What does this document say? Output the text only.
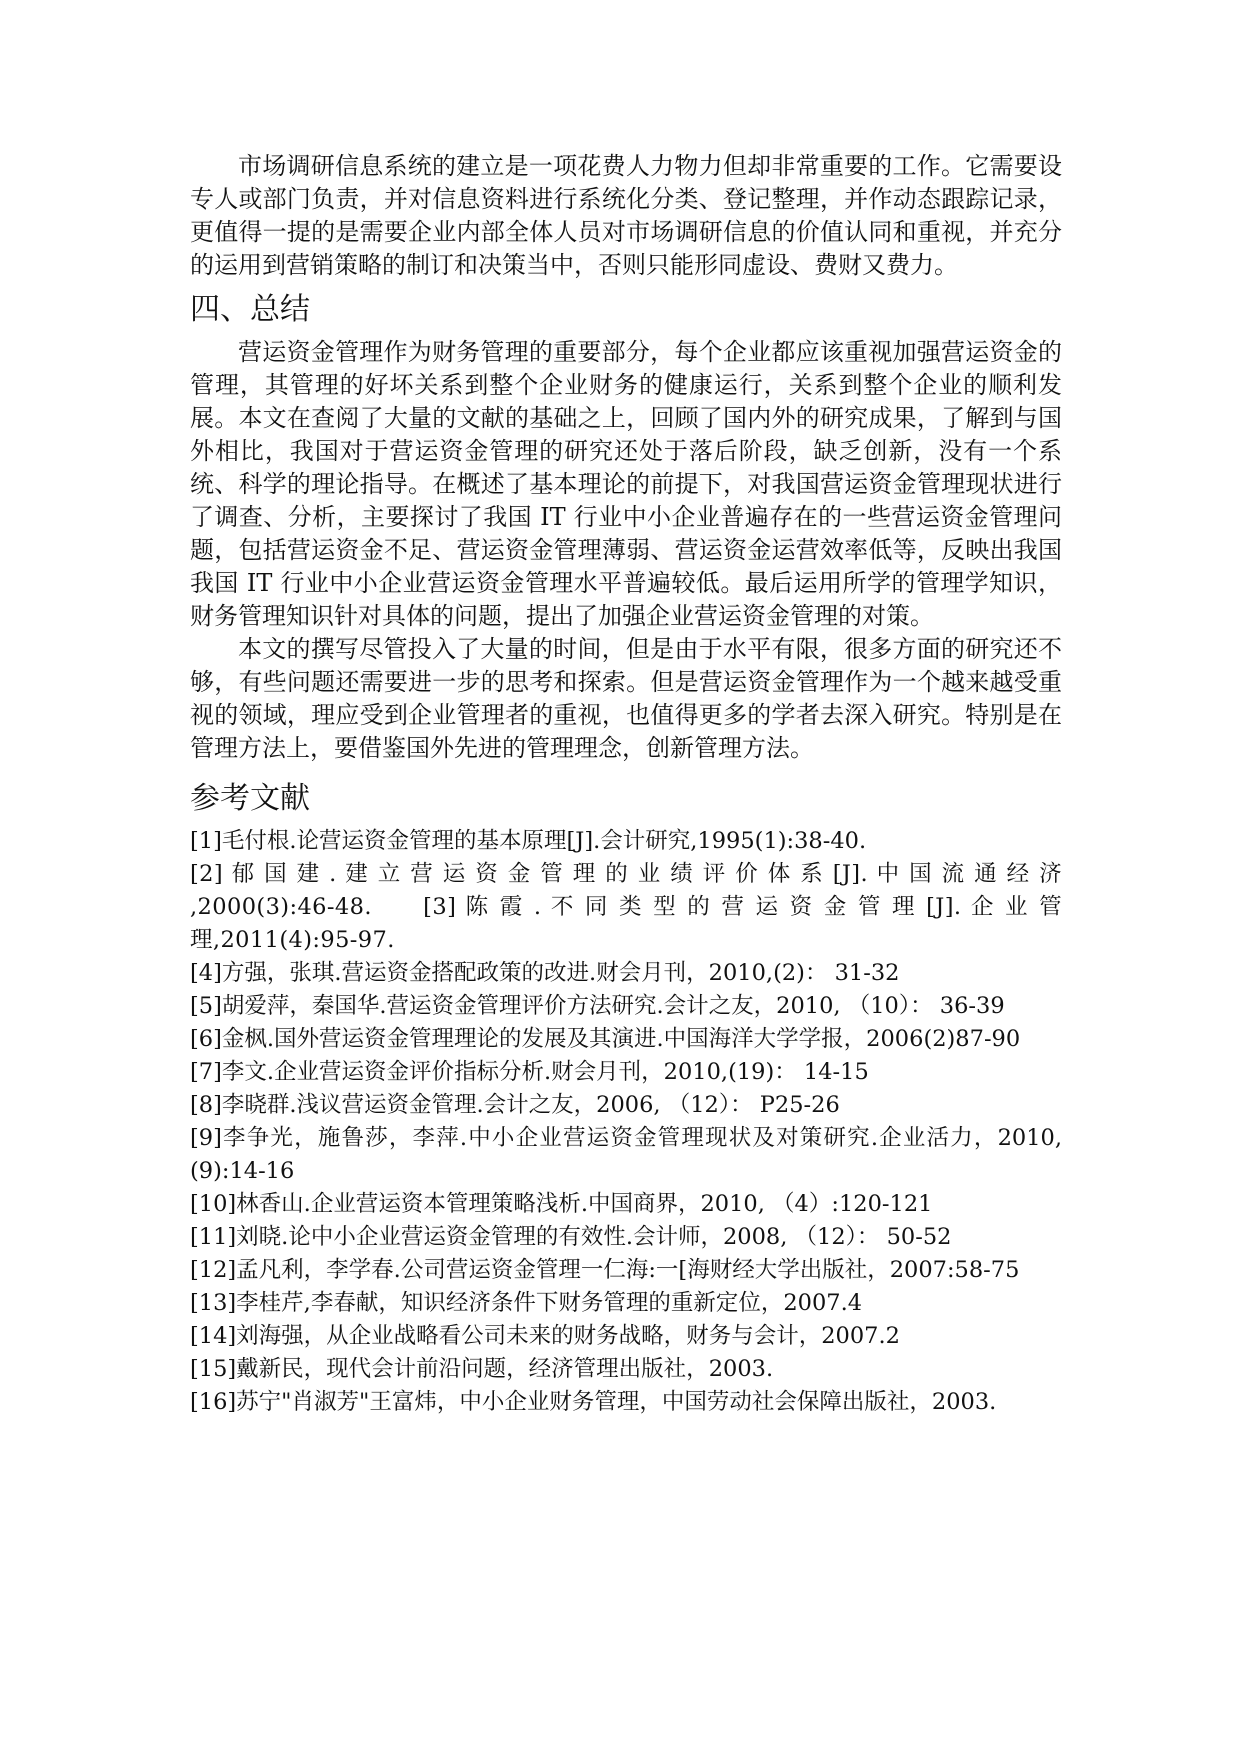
市场调研信息系统的建立是一项花费人力物力但却非常重要的工作。它需要设专人或部门负责，并对信息资料进行系统化分类、登记整理，并作动态跟踪记录，更值得一提的是需要企业内部全体人员对市场调研信息的价值认同和重视，并充分的运用到营销策略的制订和决策当中，否则只能形同虚设、费财又费力。

四、总结

营运资金管理作为财务管理的重要部分，每个企业都应该重视加强营运资金的管理，其管理的好坏关系到整个企业财务的健康运行，关系到整个企业的顺利发展。本文在查阅了大量的文献的基础之上，回顾了国内外的研究成果，了解到与国外相比，我国对于营运资金管理的研究还处于落后阶段，缺乏创新，没有一个系统、科学的理论指导。在概述了基本理论的前提下，对我国营运资金管理现状进行了调查、分析，主要探讨了我国 IT 行业中小企业普遍存在的一些营运资金管理问题，包括营运资金不足、营运资金管理薄弱、营运资金运营效率低等，反映出我国我国 IT 行业中小企业营运资金管理水平普遍较低。最后运用所学的管理学知识，财务管理知识针对具体的问题，提出了加强企业营运资金管理的对策。

本文的撰写尽管投入了大量的时间，但是由于水平有限，很多方面的研究还不够，有些问题还需要进一步的思考和探索。但是营运资金管理作为一个越来越受重视的领域，理应受到企业管理者的重视，也值得更多的学者去深入研究。特别是在管理方法上，要借鉴国外先进的管理理念，创新管理方法。

参考文献
[1]毛付根.论营运资金管理的基本原理[J].会计研究,1995(1):38-40.
[2] 郁 国 建 . 建 立 营 运 资 金 管 理 的 业 绩 评 价 体 系 [J]. 中 国 流 通 经 济 ,2000(3):46-48.　　[3] 陈 霞 . 不 同 类 型 的 营 运 资 金 管 理 [J]. 企 业 管 理,2011(4):95-97.
[4]方强，张琪.营运资金搭配政策的改进.财会月刊，2010,(2)： 31-32
[5]胡爱萍，秦国华.营运资金管理评价方法研究.会计之友，2010, （10）： 36-39
[6]金枫.国外营运资金管理理论的发展及其演进.中国海洋大学学报，2006(2)87-90
[7]李文.企业营运资金评价指标分析.财会月刊，2010,(19)： 14-15
[8]李晓群.浅议营运资金管理.会计之友，2006, （12）： P25-26
[9]李争光，施鲁莎，李萍.中小企业营运资金管理现状及对策研究.企业活力，2010,(9):14-16
[10]林香山.企业营运资本管理策略浅析.中国商界，2010, （4）:120-121
[11]刘晓.论中小企业营运资金管理的有效性.会计师，2008, （12）： 50-52
[12]孟凡利，李学春.公司营运资金管理一仁海:一[海财经大学出版社，2007:58-75
[13]李桂芹,李春献，知识经济条件下财务管理的重新定位，2007.4
[14]刘海强，从企业战略看公司未来的财务战略，财务与会计，2007.2
[15]戴新民，现代会计前沿问题，经济管理出版社，2003.
[16]苏宁"肖淑芳"王富炜，中小企业财务管理，中国劳动社会保障出版社，2003.
